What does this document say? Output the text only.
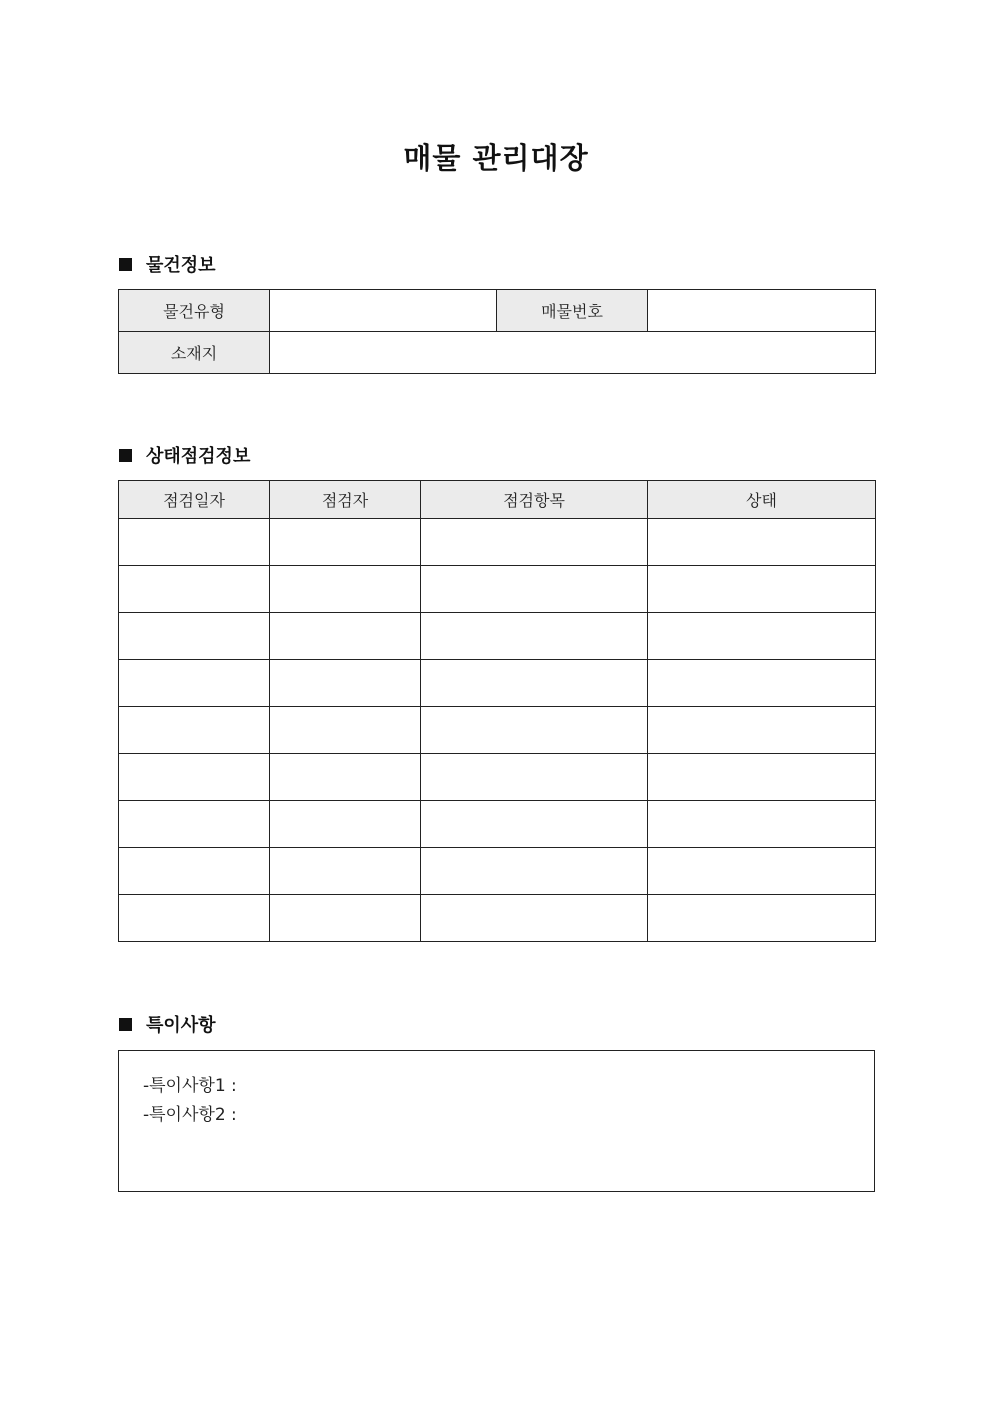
매물 관리대장
물건정보
물건유형		매물번호	
소재지			
상태점검정보
점검일자	점검자	점검항목	상태

특이사항
-특이사항1 :
-특이사항2 :
